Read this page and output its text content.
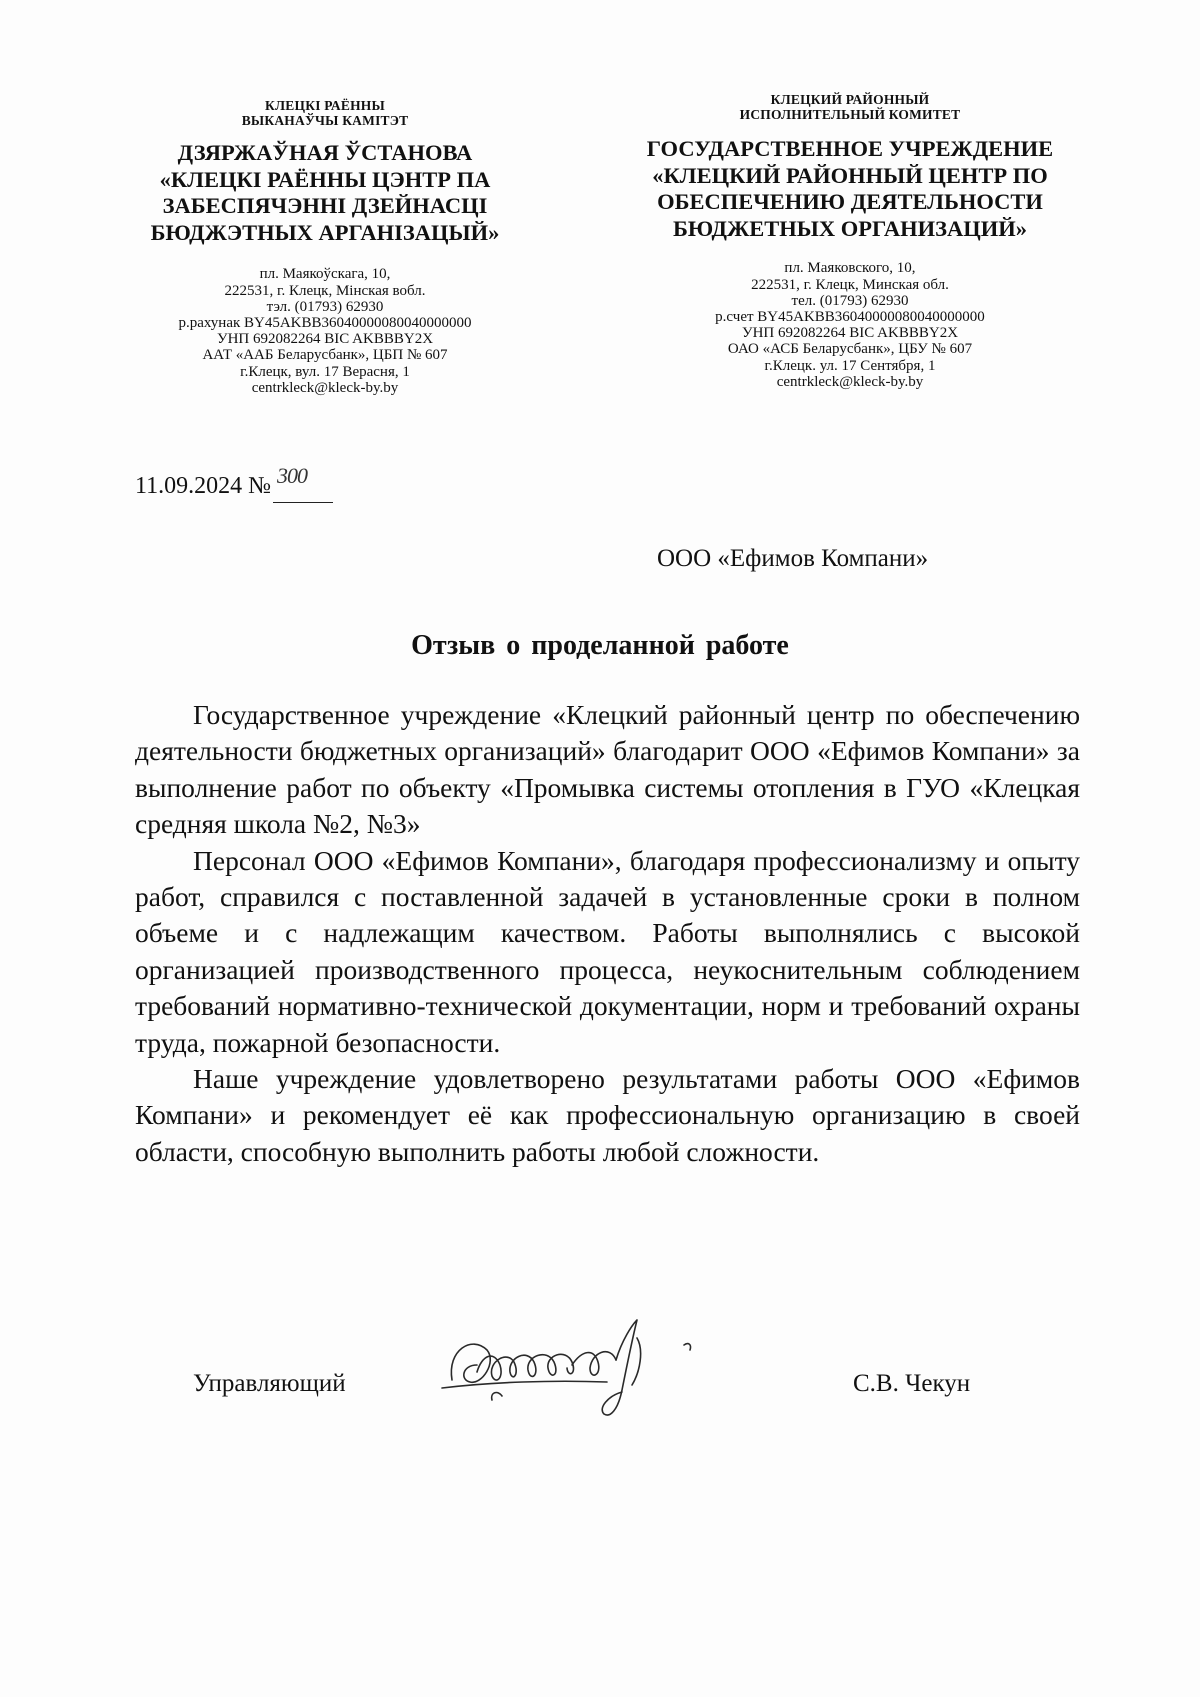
КЛЕЦКІ РАЁННЫ
ВЫКАНАЎЧЫ КАМІТЭТ
ДЗЯРЖАЎНАЯ ЎСТАНОВА
«КЛЕЦКІ РАЁННЫ ЦЭНТР ПА
ЗАБЕСПЯЧЭННІ ДЗЕЙНАСЦІ
БЮДЖЭТНЫХ АРГАНІЗАЦЫЙ»
пл. Маякоўскага, 10,
222531, г. Клецк, Мінская вобл.
тэл. (01793) 62930
р.рахунак BY45AKBB36040000080040000000
УНП 692082264 BIC AKBBBY2X
ААТ «ААБ Беларусбанк», ЦБП № 607
г.Клецк, вул. 17 Верасня, 1
centrkleck@kleck-by.by
КЛЕЦКИЙ РАЙОННЫЙ
ИСПОЛНИТЕЛЬНЫЙ КОМИТЕТ
ГОСУДАРСТВЕННОЕ УЧРЕЖДЕНИЕ
«КЛЕЦКИЙ РАЙОННЫЙ ЦЕНТР ПО
ОБЕСПЕЧЕНИЮ ДЕЯТЕЛЬНОСТИ
БЮДЖЕТНЫХ ОРГАНИЗАЦИЙ»
пл. Маяковского, 10,
222531, г. Клецк, Минская обл.
тел. (01793) 62930
р.счет BY45AKBB36040000080040000000
УНП 692082264 BIC AKBBBY2X
ОАО «АСБ Беларусбанк», ЦБУ № 607
г.Клецк. ул. 17 Сентября, 1
centrkleck@kleck-by.by
11.09.2024 № 300

ООО «Ефимов Компани»
Отзыв о проделанной работе

Государственное учреждение «Клецкий районный центр по обеспечению деятельности бюджетных организаций» благодарит ООО «Ефимов Компани» за выполнение работ по объекту «Промывка системы отопления в ГУО «Клецкая средняя школа №2, №3»

Персонал ООО «Ефимов Компани», благодаря профессионализму и опыту работ, справился с поставленной задачей в установленные сроки в полном объеме и с надлежащим качеством. Работы выполнялись с высокой организацией производственного процесса, неукоснительным соблюдением требований нормативно-технической документации, норм и требований охраны труда, пожарной безопасности.

Наше учреждение удовлетворено результатами работы ООО «Ефимов Компани» и рекомендует её как профессиональную организацию в своей области, способную выполнить работы любой сложности.

Управляющий	С.В. Чекун
